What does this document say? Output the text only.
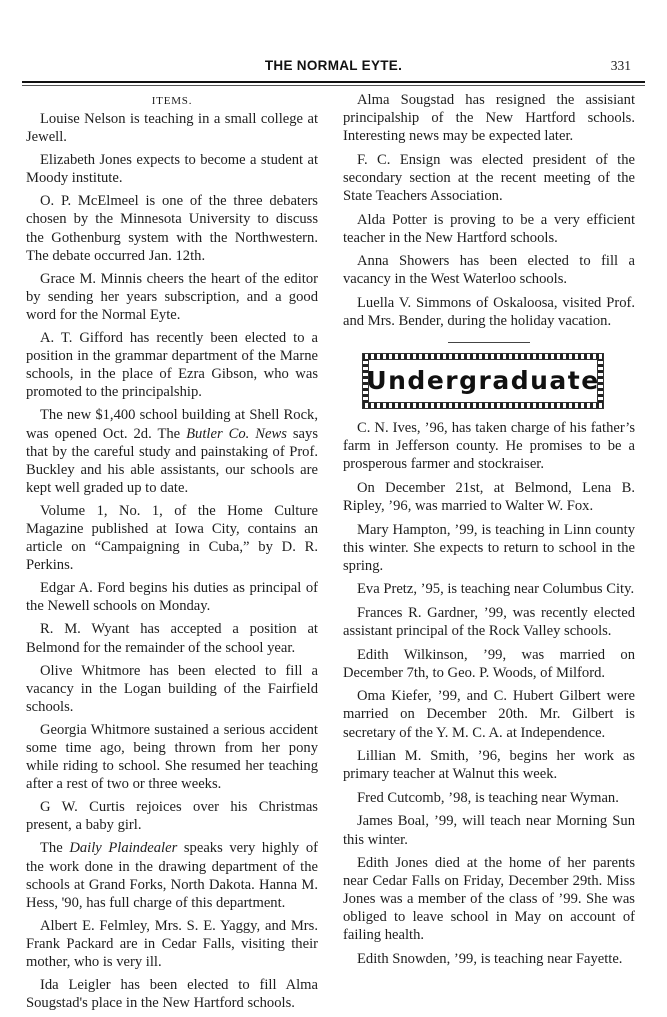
THE NORMAL EYTE.	331
ITEMS.

Louise Nelson is teaching in a small college at Jewell.

Elizabeth Jones expects to become a student at Moody institute.

O. P. McElmeel is one of the three debaters chosen by the Minnesota University to discuss the Gothenburg system with the Northwestern. The debate occurred Jan. 12th.

Grace M. Minnis cheers the heart of the editor by sending her years subscription, and a good word for the Normal Eyte.

A. T. Gifford has recently been elected to a position in the grammar department of the Marne schools, in the place of Ezra Gibson, who was promoted to the principalship.

The new $1,400 school building at Shell Rock, was opened Oct. 2d. The Butler Co. News says that by the careful study and painstaking of Prof. Buckley and his able assistants, our schools are kept well graded up to date.

Volume 1, No. 1, of the Home Culture Magazine published at Iowa City, contains an article on “Campaigning in Cuba,” by D. R. Perkins.

Edgar A. Ford begins his duties as principal of the Newell schools on Monday.

R. M. Wyant has accepted a position at Belmond for the remainder of the school year.

Olive Whitmore has been elected to fill a vacancy in the Logan building of the Fairfield schools.

Georgia Whitmore sustained a serious accident some time ago, being thrown from her pony while riding to school. She resumed her teaching after a rest of two or three weeks.

G W. Curtis rejoices over his Christmas present, a baby girl.

The Daily Plaindealer speaks very highly of the work done in the drawing department of the schools at Grand Forks, North Dakota. Hanna M. Hess, '90, has full charge of this department.

Albert E. Felmley, Mrs. S. E. Yaggy, and Mrs. Frank Packard are in Cedar Falls, visiting their mother, who is very ill.

Ida Leigler has been elected to fill Alma Sougstad's place in the New Hartford schools.

Alma Sougstad has resigned the assisiant principalship of the New Hartford schools. Interesting news may be expected later.

F. C. Ensign was elected president of the secondary section at the recent meeting of the State Teachers Association.

Alda Potter is proving to be a very efficient teacher in the New Hartford schools.

Anna Showers has been elected to fill a vacancy in the West Waterloo schools.

Luella V. Simmons of Oskaloosa, visited Prof. and Mrs. Bender, during the holiday vacation.

Undergraduate

C. N. Ives, ’96, has taken charge of his father’s farm in Jefferson county. He promises to be a prosperous farmer and stockraiser.

On December 21st, at Belmond, Lena B. Ripley, ’96, was married to Walter W. Fox.

Mary Hampton, ’99, is teaching in Linn county this winter. She expects to return to school in the spring.

Eva Pretz, ’95, is teaching near Columbus City.

Frances R. Gardner, ’99, was recently elected assistant principal of the Rock Valley schools.

Edith Wilkinson, ’99, was married on December 7th, to Geo. P. Woods, of Milford.

Oma Kiefer, ’99, and C. Hubert Gilbert were married on December 20th. Mr. Gilbert is secretary of the Y. M. C. A. at Independence.

Lillian M. Smith, ’96, begins her work as primary teacher at Walnut this week.

Fred Cutcomb, ’98, is teaching near Wyman.

James Boal, ’99, will teach near Morning Sun this winter.

Edith Jones died at the home of her parents near Cedar Falls on Friday, December 29th. Miss Jones was a member of the class of ’99. She was obliged to leave school in May on account of failing health.

Edith Snowden, ’99, is teaching near Fayette.
